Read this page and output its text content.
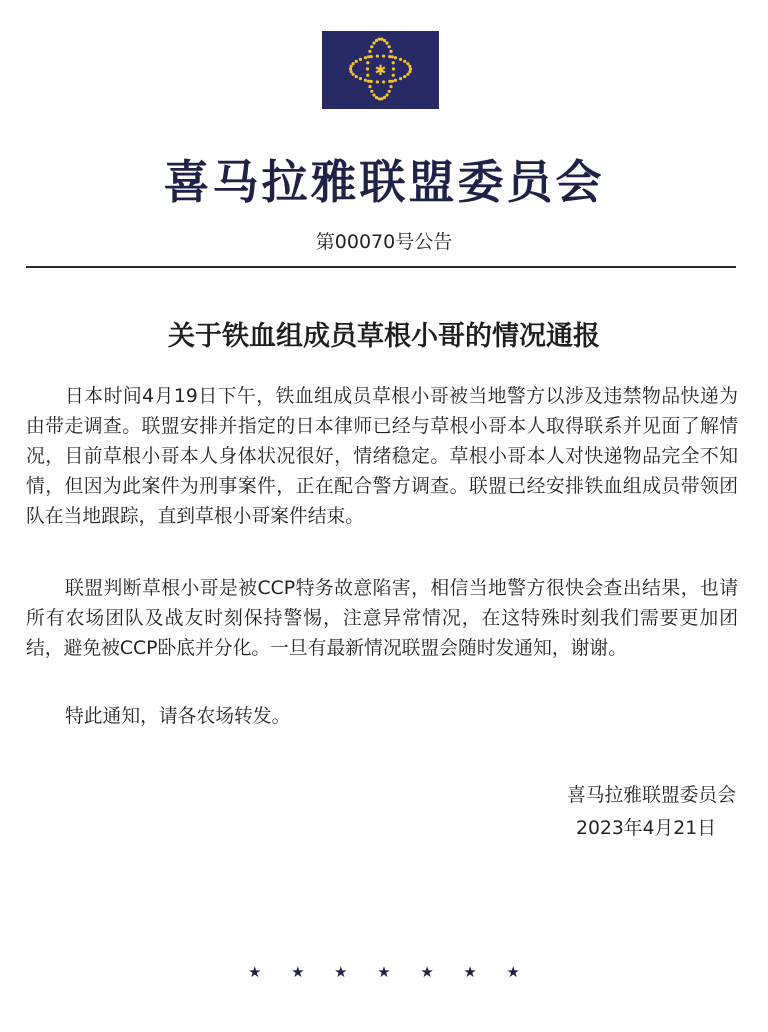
✱
喜马拉雅联盟委员会
第00070号公告
关于铁血组成员草根小哥的情况通报

日本时间4月19日下午，铁血组成员草根小哥被当地警方以涉及违禁物品快递为由带走调查。联盟安排并指定的日本律师已经与草根小哥本人取得联系并见面了解情况，目前草根小哥本人身体状况很好，情绪稳定。草根小哥本人对快递物品完全不知情，但因为此案件为刑事案件，正在配合警方调查。联盟已经安排铁血组成员带领团队在当地跟踪，直到草根小哥案件结束。

联盟判断草根小哥是被CCP特务故意陷害，相信当地警方很快会查出结果，也请所有农场团队及战友时刻保持警惕，注意异常情况，在这特殊时刻我们需要更加团结，避免被CCP卧底并分化。一旦有最新情况联盟会随时发通知，谢谢。

特此通知，请各农场转发。

喜马拉雅联盟委员会
2023年4月21日
★ ★ ★ ★ ★ ★ ★
